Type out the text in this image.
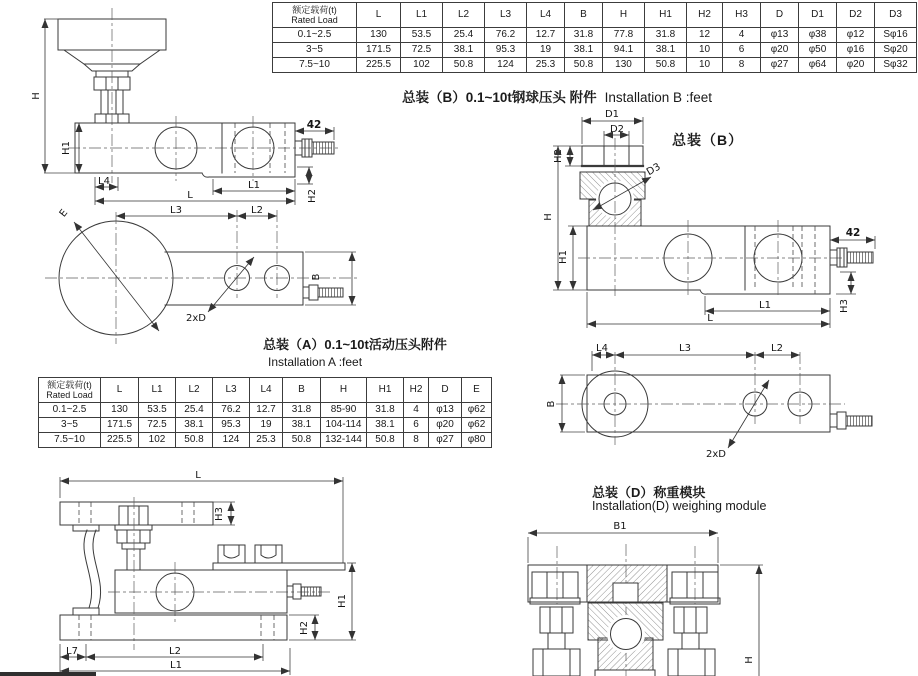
H
H1
L4	L1
L	H2
42
E	L3	L2
2xD
B
D1
D2
H2
D3
42
H
H1
H3
L1
L
L4	L3	L2
B
2xD
L
H3
H1
H2
L7	L2
L1
B1
H
额定载荷(t)
Rated Load	L	L1	L2	L3	L4	B	H	H1	H2	H3	D	D1	D2	D3
0.1~2.5	130	53.5	25.4	76.2	12.7	31.8	77.8	31.8	12	4	φ13	φ38	φ12	Sφ16
3~5	171.5	72.5	38.1	95.3	19	38.1	94.1	38.1	10	6	φ20	φ50	φ16	Sφ20
7.5~10	225.5	102	50.8	124	25.3	50.8	130	50.8	10	8	φ27	φ64	φ20	Sφ32
额定载荷(t)
Rated Load	L	L1	L2	L3	L4	B	H	H1	H2	D	E
0.1~2.5	130	53.5	25.4	76.2	12.7	31.8	85-90	31.8	4	φ13	φ62
3~5	171.5	72.5	38.1	95.3	19	38.1	104-114	38.1	6	φ20	φ62
7.5~10	225.5	102	50.8	124	25.3	50.8	132-144	50.8	8	φ27	φ80
总装（B）0.1~10t钢球压头 附件 Installation B :feet
总装（A）0.1~10t活动压头附件
Installation A :feet
总装（B）
总装（D）称重模块
Installation(D) weighing module
